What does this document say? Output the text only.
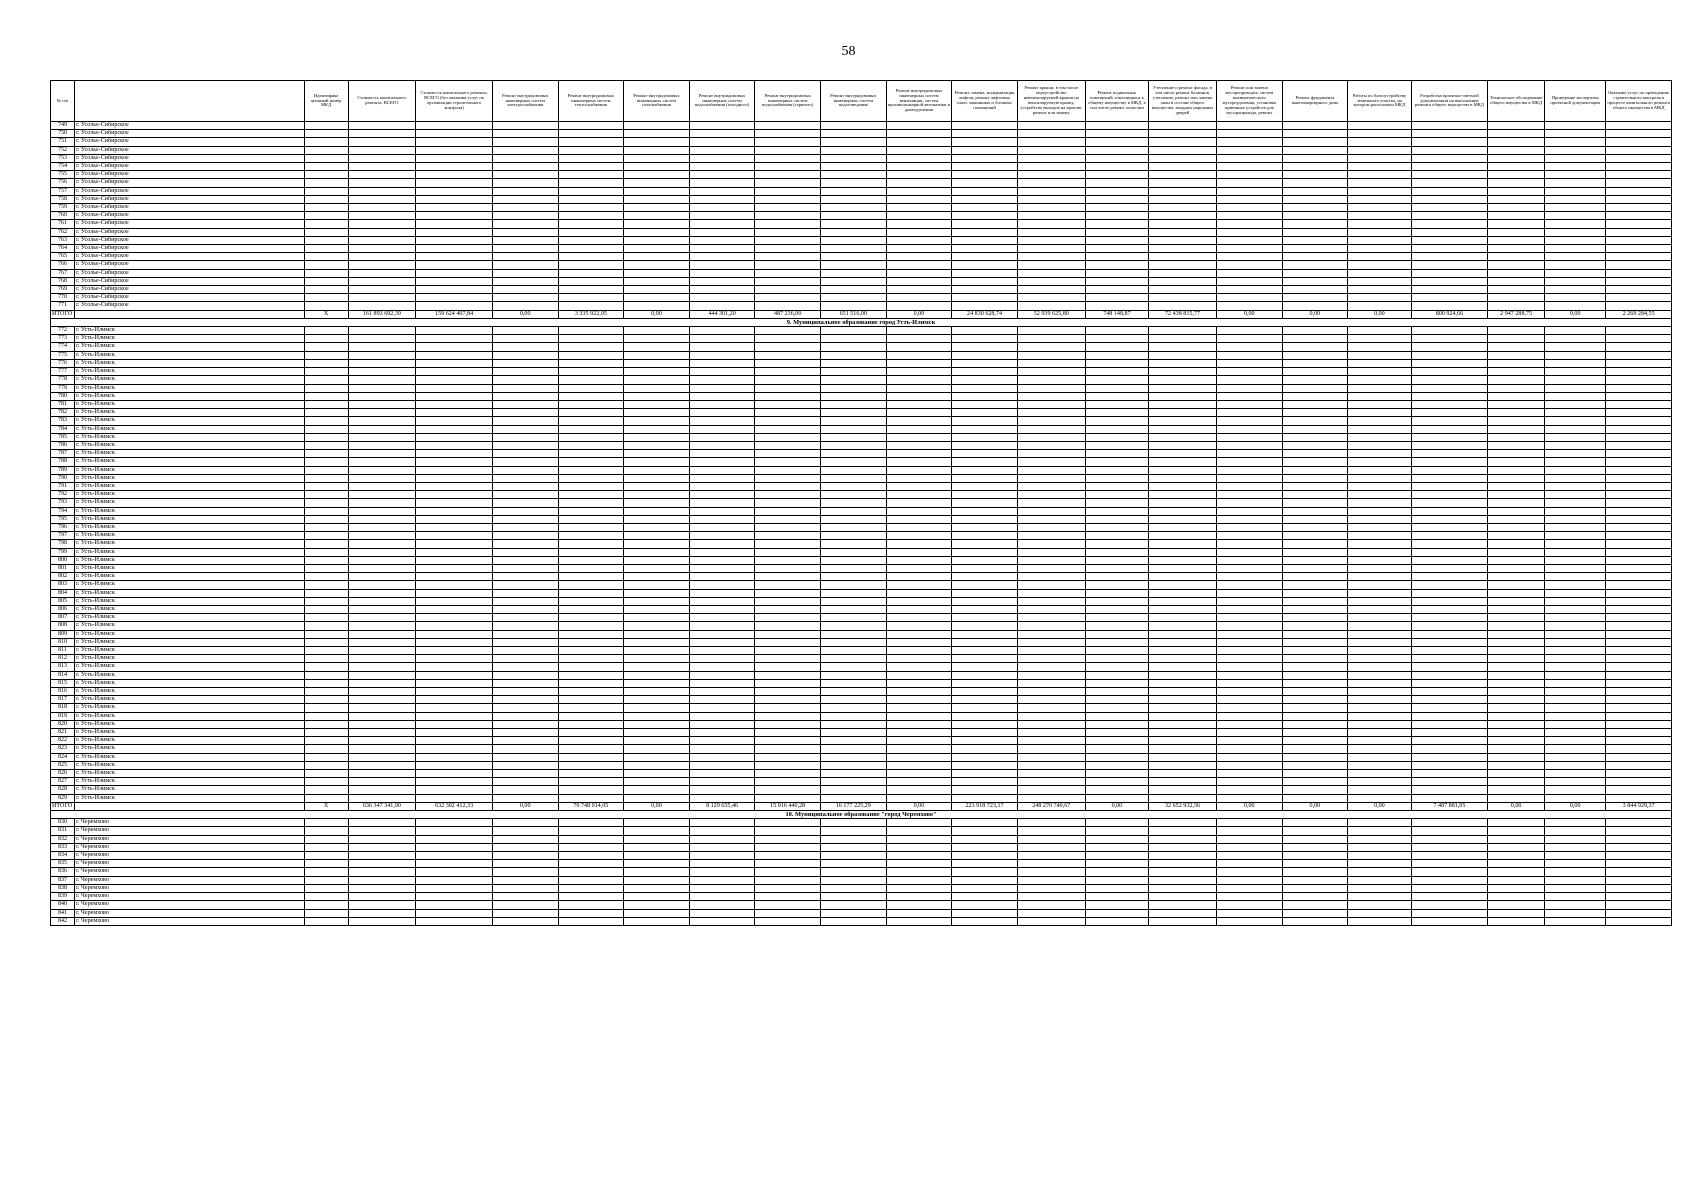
58
№ п/п		Идентифика ционный номер МКД	Стоимость капитального ремонта, ВСЕГО	Стоимость капитального ремонта, ВСЕГО (без оказания услуг по организации строительного контроля)	Ремонт внутридомовых инженерных систем электроснабжения	Ремонт внутридомовых инженерных систем теплоснабжения	Ремонт внутридомовых инженерных систем газоснабжения	Ремонт внутридомовых инженерных систем водоснабжения (холодного)	Ремонт внутридомовых инженерных систем водоснабжения (горячего)	Ремонт внутридомовых инженерных систем водоотведения	Ремонт внутридомовых инженерных систем вентиляции, систем противопожарной автоматики и дымоудаления	Ремонт, замена, модернизация лифтов, ремонт лифтовых шахт, машинных и блочных помещений	Ремонт крыши, в том числе переустройство невентилируемой крыши на вентилируемую крышу, устройство выходов на кровлю, ремонт или замену	Ремонт подвальных помещений, относящихся к общему имуществу в МКД, в том числе ремонт отмостки	Утепление и ремонт фасада, в том числе ремонт балконов, утепление, ремонт или замена окон в составе общего имущества, входных наружных дверей	Ремонт или замена мусоропроводов, систем пневматического мусороудаления, установка приемных устройств для мусоропровода, ремонт	Ремонт фундамента многоквартирного дома	Работы по благоустройству земельного участка, на котором расположен МКД	Разработка проектно-сметной документации на выполнение ремонта общего имущества в МКД	Техническое обследование общего имущества в МКД	Проведение экспертизы проектной документации	Оказание услуг по проведению строительного контроля в процессе капитального ремонта общего имущества в МКД
749	г. Усолье-Сибирское																					
750	г. Усолье-Сибирское																					
751	г. Усолье-Сибирское																					
752	г. Усолье-Сибирское																					
753	г. Усолье-Сибирское																					
754	г. Усолье-Сибирское																					
755	г. Усолье-Сибирское																					
756	г. Усолье-Сибирское																					
757	г. Усолье-Сибирское																					
758	г. Усолье-Сибирское																					
759	г. Усолье-Сибирское																					
760	г. Усолье-Сибирское																					
761	г. Усолье-Сибирское																					
762	г. Усолье-Сибирское																					
763	г. Усолье-Сибирское																					
764	г. Усолье-Сибирское																					
765	г. Усолье-Сибирское																					
766	г. Усолье-Сибирское																					
767	г. Усолье-Сибирское																					
768	г. Усолье-Сибирское																					
769	г. Усолье-Сибирское																					
770	г. Усолье-Сибирское																					
771	г. Усолье-Сибирское																					
ИТОГО		X	161 893 692,39	159 624 407,84	0,00	3 335 922,05	0,00	444 301,20	487 236,00	651 516,00	0,00	24 830 628,74	52 939 625,80	748 148,87	72 438 815,77	0,00	0,00	0,00	800 924,66	2 947 288,75	0,00	2 269 284,55
9. Муниципальное образование город Усть-Илимск																						
772	г. Усть-Илимск																					
773	г. Усть-Илимск																					
774	г. Усть-Илимск																					
775	г. Усть-Илимск																					
776	г. Усть-Илимск																					
777	г. Усть-Илимск																					
778	г. Усть-Илимск																					
779	г. Усть-Илимск																					
780	г. Усть-Илимск																					
781	г. Усть-Илимск																					
782	г. Усть-Илимск																					
783	г. Усть-Илимск																					
784	г. Усть-Илимск																					
785	г. Усть-Илимск																					
786	г. Усть-Илимск																					
787	г. Усть-Илимск																					
788	г. Усть-Илимск																					
789	г. Усть-Илимск																					
790	г. Усть-Илимск																					
791	г. Усть-Илимск																					
792	г. Усть-Илимск																					
793	г. Усть-Илимск																					
794	г. Усть-Илимск																					
795	г. Усть-Илимск																					
796	г. Усть-Илимск																					
797	г. Усть-Илимск																					
798	г. Усть-Илимск																					
799	г. Усть-Илимск																					
800	г. Усть-Илимск																					
801	г. Усть-Илимск																					
802	г. Усть-Илимск																					
803	г. Усть-Илимск																					
804	г. Усть-Илимск																					
805	г. Усть-Илимск																					
806	г. Усть-Илимск																					
807	г. Усть-Илимск																					
808	г. Усть-Илимск																					
809	г. Усть-Илимск																					
810	г. Усть-Илимск																					
811	г. Усть-Илимск																					
812	г. Усть-Илимск																					
813	г. Усть-Илимск																					
814	г. Усть-Илимск																					
815	г. Усть-Илимск																					
816	г. Усть-Илимск																					
817	г. Усть-Илимск																					
818	г. Усть-Илимск																					
819	г. Усть-Илимск																					
820	г. Усть-Илимск																					
821	г. Усть-Илимск																					
822	г. Усть-Илимск																					
823	г. Усть-Илимск																					
824	г. Усть-Илимск																					
825	г. Усть-Илимск																					
826	г. Усть-Илимск																					
827	г. Усть-Илимск																					
828	г. Усть-Илимск																					
829	г. Усть-Илимск																					
ИТОГО		X	636 347 341,90	632 302 412,33	0,00	79 748 914,05	0,00	8 129 655,46	15 916 440,28	16 177 225,29	0,00	223 918 723,17	248 270 740,67	0,00	32 652 932,56	0,00	0,00	0,00	7 487 881,05	0,00	0,00	3 844 929,37
10. Муниципальное образование "город Черемхово"																						
830	г. Черемхово																					
831	г. Черемхово																					
832	г. Черемхово																					
833	г. Черемхово																					
834	г. Черемхово																					
835	г. Черемхово																					
836	г. Черемхово																					
837	г. Черемхово																					
838	г. Черемхово																					
839	г. Черемхово																					
840	г. Черемхово																					
841	г. Черемхово																					
842	г. Черемхово																					
